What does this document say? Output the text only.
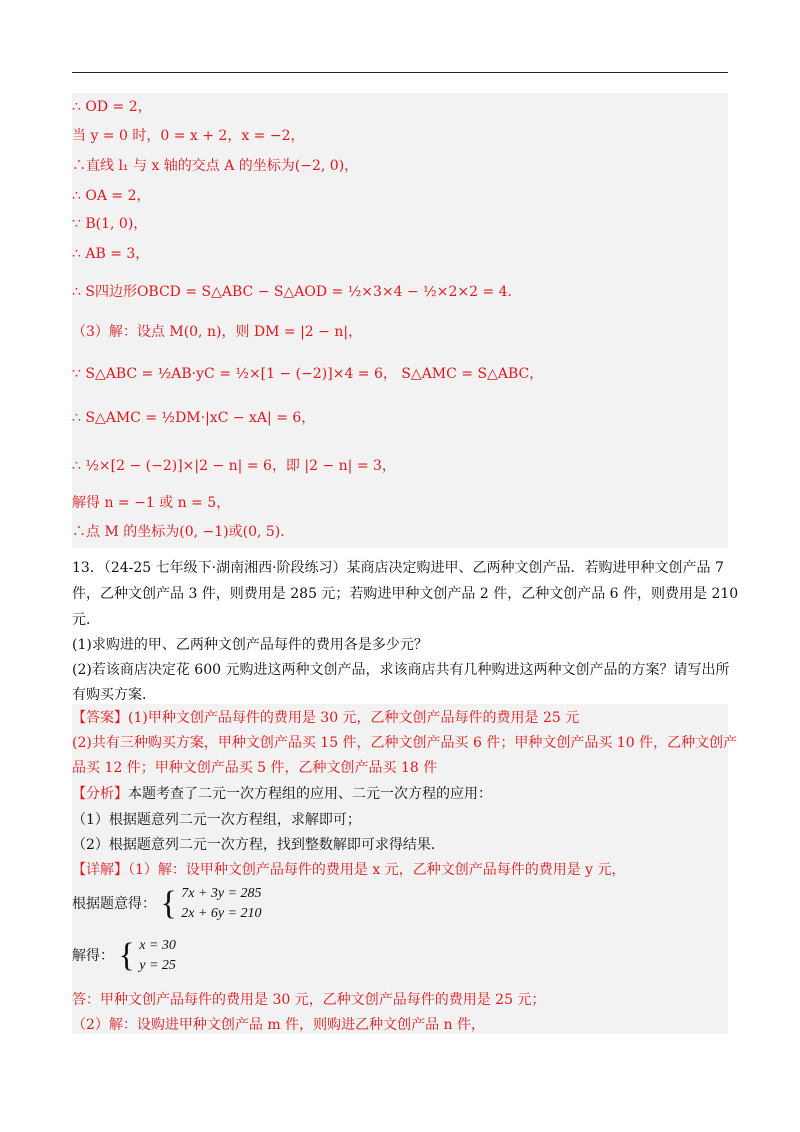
∴ OD = 2，
当 y = 0 时，0 = x + 2，x = −2，
∴直线 l₁ 与 x 轴的交点 A 的坐标为(−2, 0)，
∴ OA = 2，
∵ B(1, 0)，
∴ AB = 3，
∴ S四边形OBCD = S△ABC − S△AOD = ½×3×4 − ½×2×2 = 4．
（3）解：设点 M(0, n)，则 DM = |2 − n|，
∵ S△ABC = ½AB·yC = ½×[1 − (−2)]×4 = 6， S△AMC = S△ABC，
∴ S△AMC = ½DM·|xC − xA| = 6，
∴ ½×[2 − (−2)]×|2 − n| = 6，即 |2 − n| = 3，
解得 n = −1 或 n = 5，
∴点 M 的坐标为(0, −1)或(0, 5)．
13．（24-25 七年级下·湖南湘西·阶段练习）某商店决定购进甲、乙两种文创产品．若购进甲种文创产品 7
件，乙种文创产品 3 件，则费用是 285 元；若购进甲种文创产品 2 件，乙种文创产品 6 件，则费用是 210
元．
(1)求购进的甲、乙两种文创产品每件的费用各是多少元？
(2)若该商店决定花 600 元购进这两种文创产品，求该商店共有几种购进这两种文创产品的方案？请写出所
有购买方案．
【答案】(1)甲种文创产品每件的费用是 30 元，乙种文创产品每件的费用是 25 元
(2)共有三种购买方案，甲种文创产品买 15 件，乙种文创产品买 6 件；甲种文创产品买 10 件，乙种文创产
品买 12 件；甲种文创产品买 5 件，乙种文创产品买 18 件
【分析】本题考查了二元一次方程组的应用、二元一次方程的应用：
（1）根据题意列二元一次方程组，求解即可；
（2）根据题意列二元一次方程，找到整数解即可求得结果．
【详解】（1）解：设甲种文创产品每件的费用是 x 元，乙种文创产品每件的费用是 y 元，
根据题意得： { 7x + 3y = 285
2x + 6y = 210
解得： { x = 30
y = 25
答：甲种文创产品每件的费用是 30 元，乙种文创产品每件的费用是 25 元；
（2）解：设购进甲种文创产品 m 件，则购进乙种文创产品 n 件，
